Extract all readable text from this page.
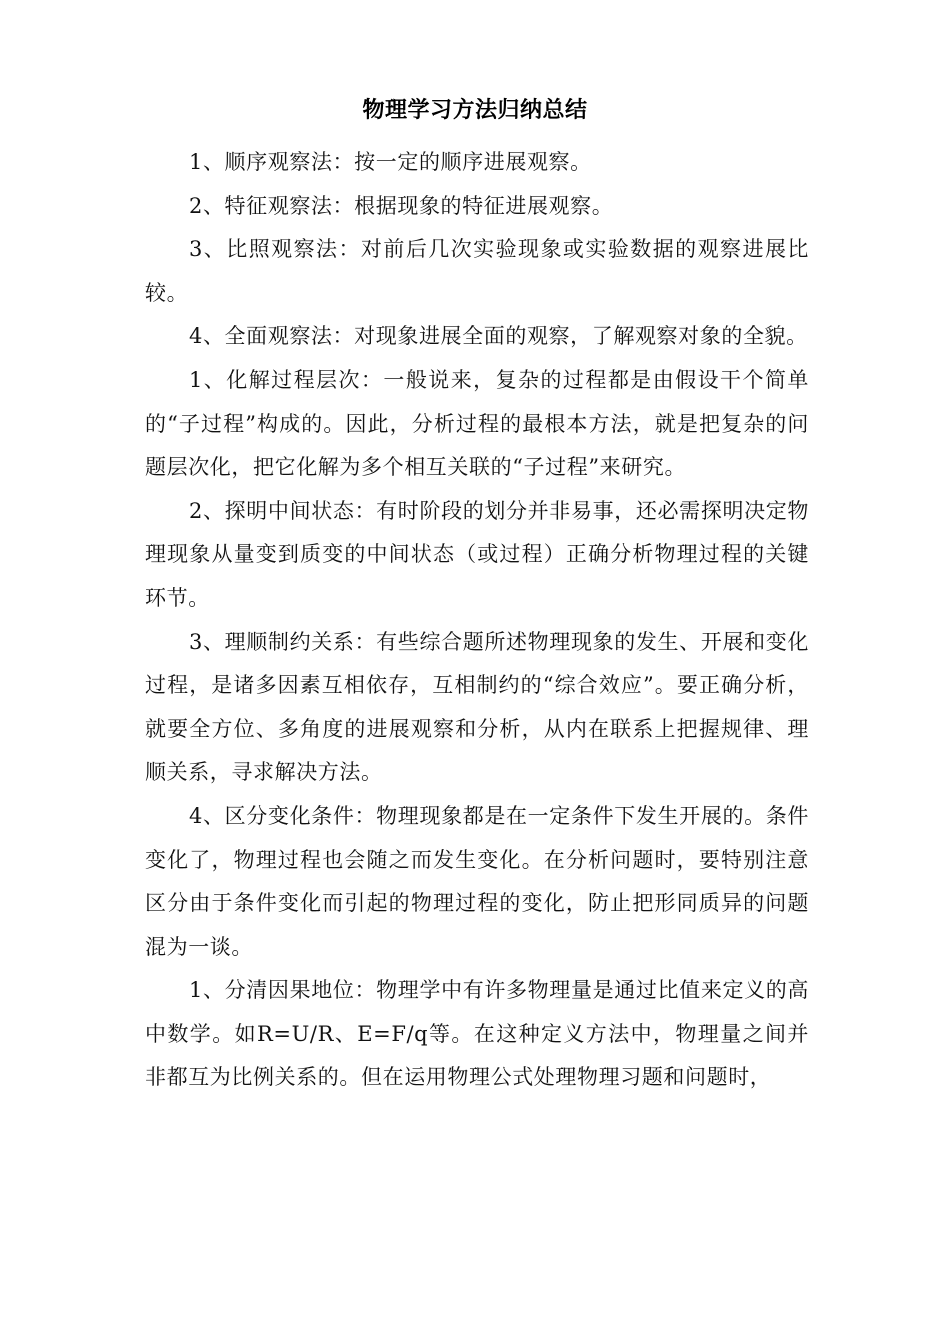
物理学习方法归纳总结

1、顺序观察法：按一定的顺序进展观察。

2、特征观察法：根据现象的特征进展观察。

3、比照观察法：对前后几次实验现象或实验数据的观察进展比较。

4、全面观察法：对现象进展全面的观察，了解观察对象的全貌。

1、化解过程层次：一般说来，复杂的过程都是由假设干个简单的“子过程”构成的。因此，分析过程的最根本方法，就是把复杂的问题层次化，把它化解为多个相互关联的“子过程”来研究。

2、探明中间状态：有时阶段的划分并非易事，还必需探明决定物理现象从量变到质变的中间状态（或过程）正确分析物理过程的关键环节。

3、理顺制约关系：有些综合题所述物理现象的发生、开展和变化过程，是诸多因素互相依存，互相制约的“综合效应”。要正确分析，就要全方位、多角度的进展观察和分析，从内在联系上把握规律、理顺关系，寻求解决方法。

4、区分变化条件：物理现象都是在一定条件下发生开展的。条件变化了，物理过程也会随之而发生变化。在分析问题时，要特别注意区分由于条件变化而引起的物理过程的变化，防止把形同质异的问题混为一谈。

1、分清因果地位：物理学中有许多物理量是通过比值来定义的高中数学。如R=U/R、E=F/q等。在这种定义方法中，物理量之间并非都互为比例关系的。但在运用物理公式处理物理习题和问题时，
